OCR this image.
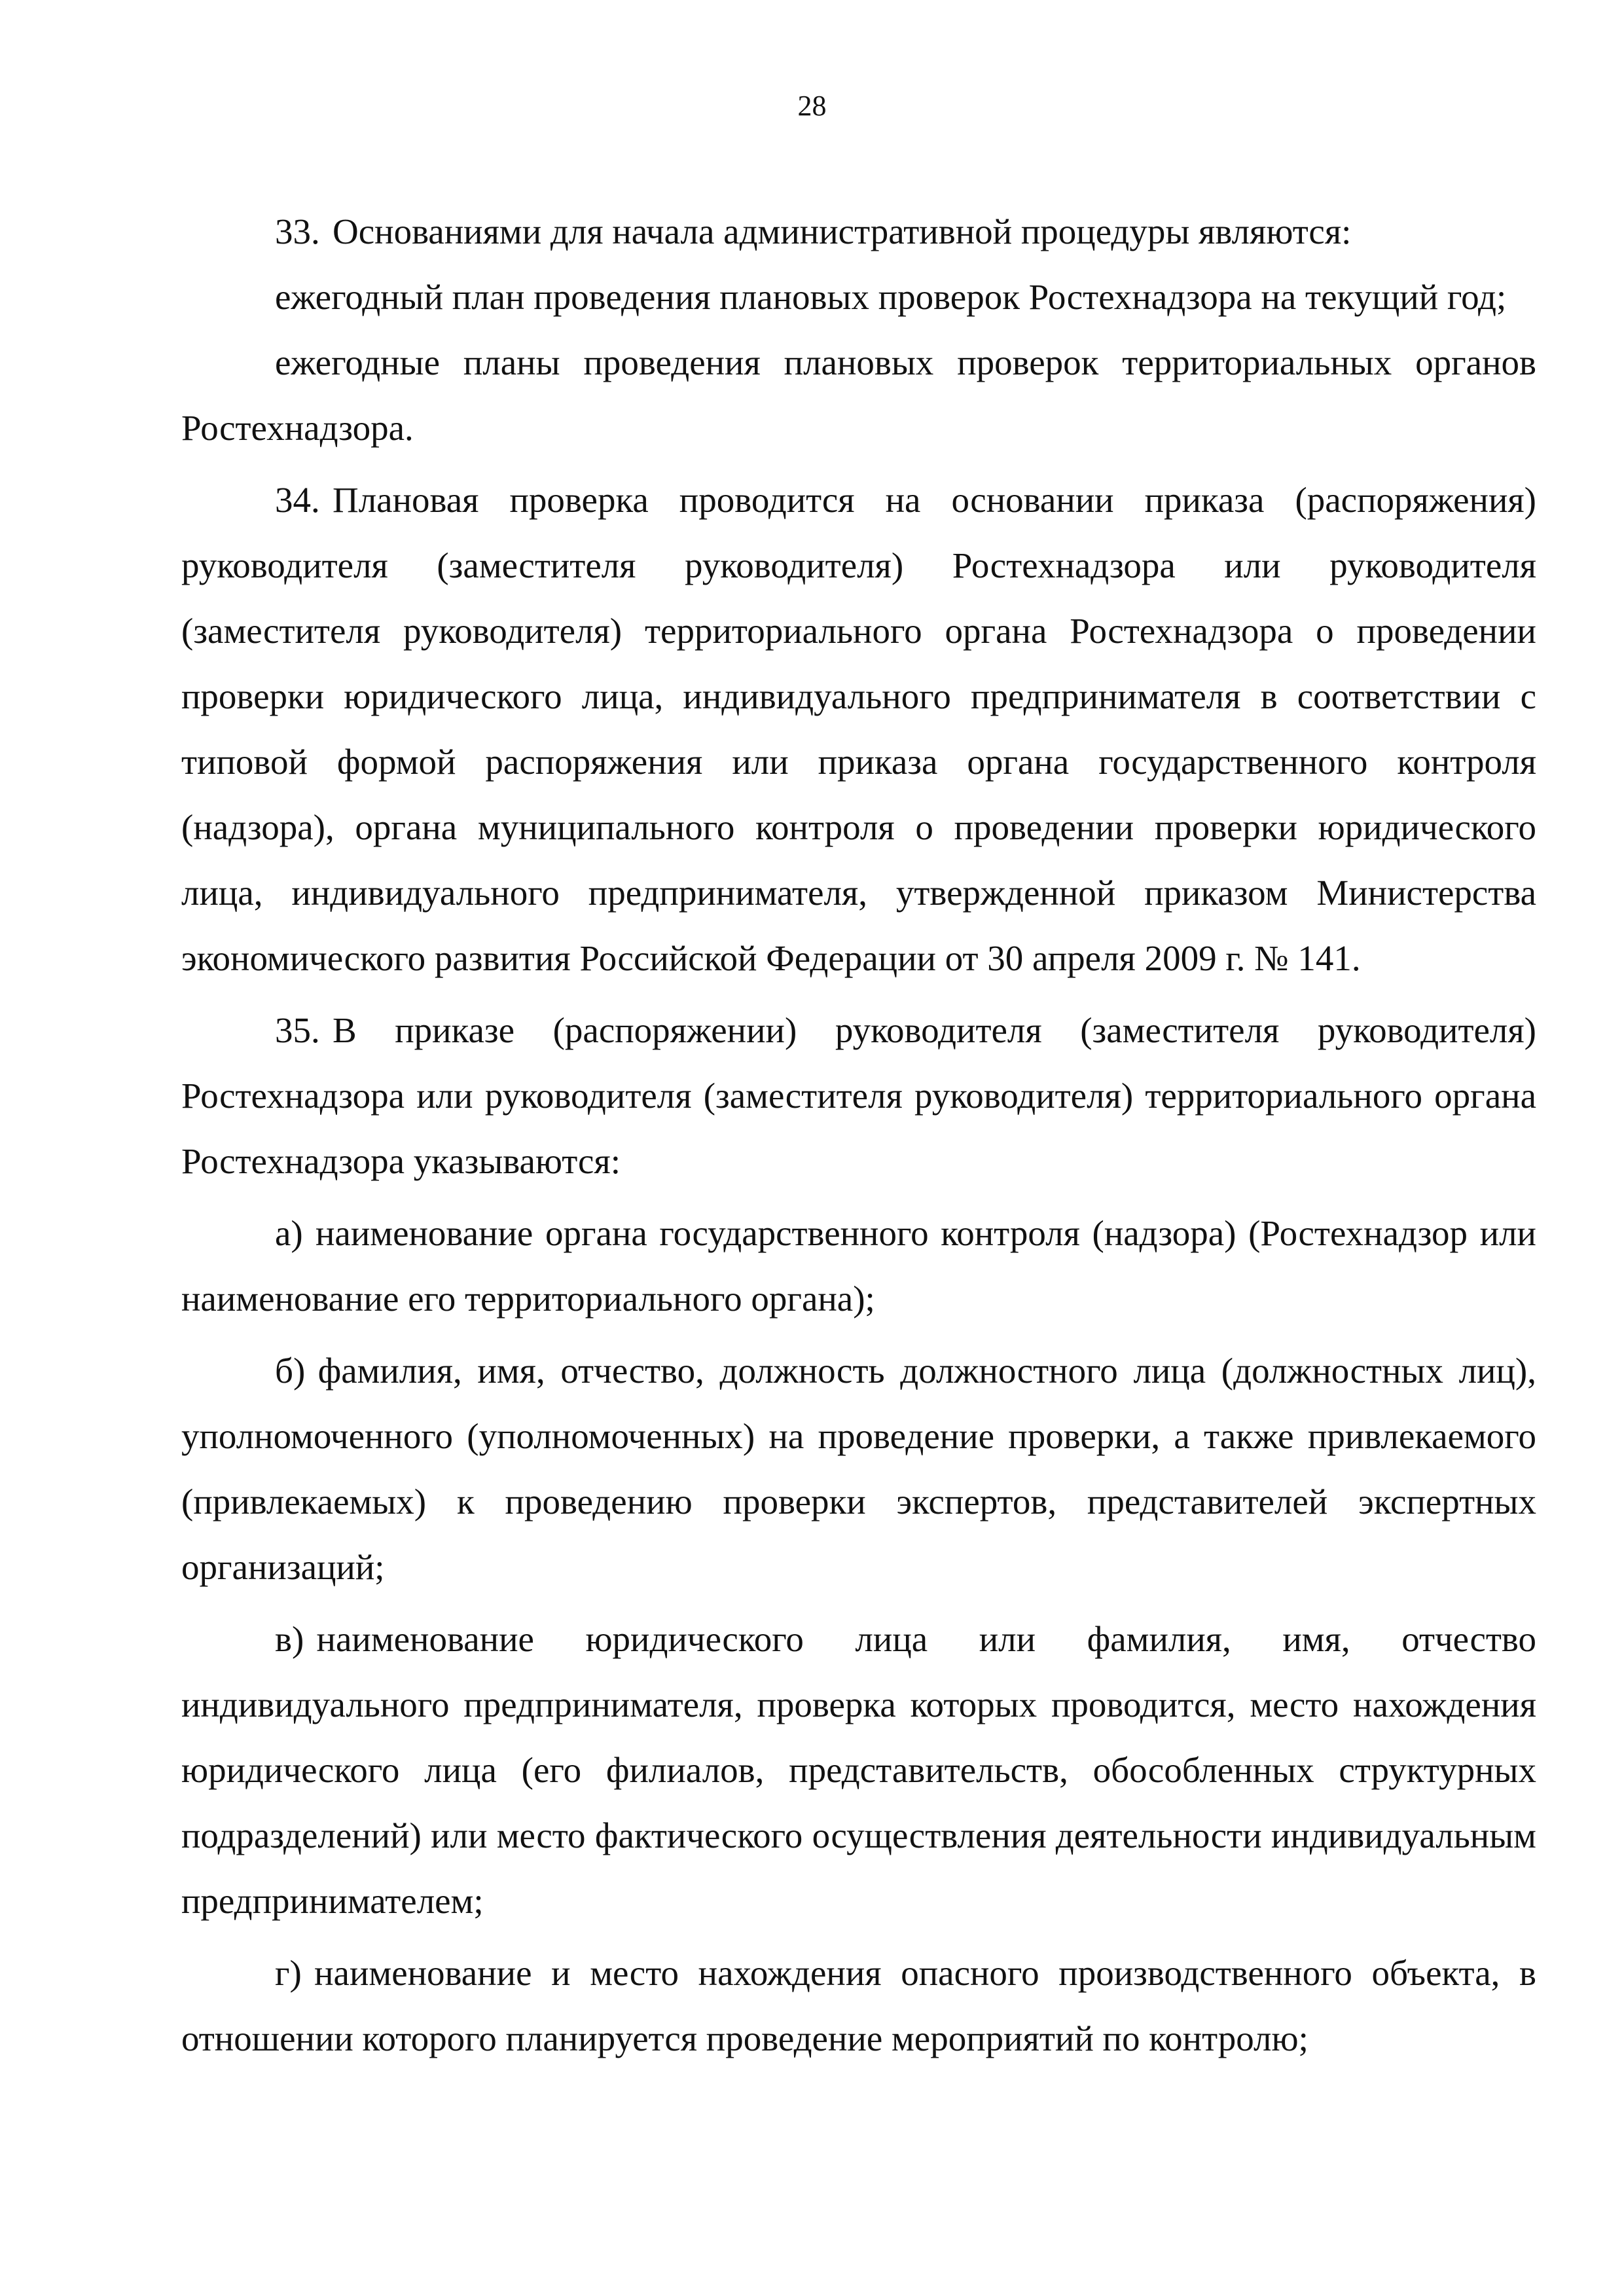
28

33. Основаниями для начала административной процедуры являются:

ежегодный план проведения плановых проверок Ростехнадзора на текущий год;

ежегодные планы проведения плановых проверок территориальных органов Ростехнадзора.

34. Плановая проверка проводится на основании приказа (распоряжения) руководителя (заместителя руководителя) Ростехнадзора или руководителя (заместителя руководителя) территориального органа Ростехнадзора о проведении проверки юридического лица, индивидуального предпринимателя в соответствии с типовой формой распоряжения или приказа органа государственного контроля (надзора), органа муниципального контроля о проведении проверки юридического лица, индивидуального предпринимателя, утвержденной приказом Министерства экономического развития Российской Федерации от 30 апреля 2009 г. № 141.

35. В приказе (распоряжении) руководителя (заместителя руководителя) Ростехнадзора или руководителя (заместителя руководителя) территориального органа Ростехнадзора указываются:

а) наименование органа государственного контроля (надзора) (Ростехнадзор или наименование его территориального органа);

б) фамилия, имя, отчество, должность должностного лица (должностных лиц), уполномоченного (уполномоченных) на проведение проверки, а также привлекаемого (привлекаемых) к проведению проверки экспертов, представителей экспертных организаций;

в) наименование юридического лица или фамилия, имя, отчество индивидуального предпринимателя, проверка которых проводится, место нахождения юридического лица (его филиалов, представительств, обособленных структурных подразделений) или место фактического осуществления деятельности индивидуальным предпринимателем;

г) наименование и место нахождения опасного производственного объекта, в отношении которого планируется проведение мероприятий по контролю;
